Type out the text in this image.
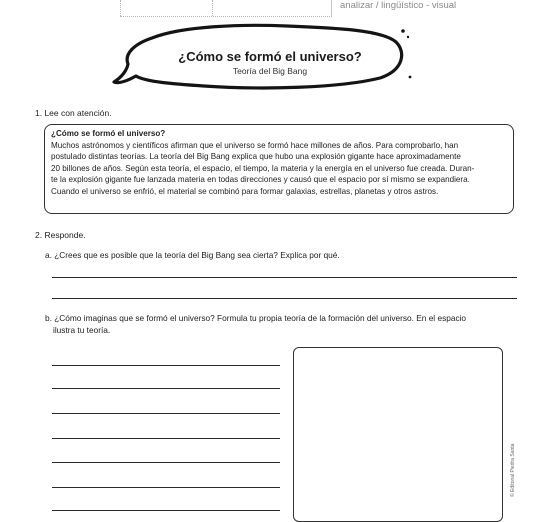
analizar / lingüístico - visual
¿Cómo se formó el universo?
Teoría del Big Bang
1. Lee con atención.
¿Cómo se formó el universo?
Muchos astrónomos y científicos afirman que el universo se formó hace millones de años. Para comprobarlo, han
postulado distintas teorías. La teoría del Big Bang explica que hubo una explosión gigante hace aproximadamente
20 billones de años. Según esta teoría, el espacio, el tiempo, la materia y la energía en el universo fue creada. Duran-
te la explosión gigante fue lanzada materia en todas direcciones y causó que el espacio por sí mismo se expandiera.
Cuando el universo se enfrió, el material se combinó para formar galaxias, estrellas, planetas y otros astros.
2. Responde.
a. ¿Crees que es posible que la teoría del Big Bang sea cierta? Explica por qué.
b. ¿Cómo imaginas que se formó el universo? Formula tu propia teoría de la formación del universo. En el espacio
ilustra tu teoría.
© Editorial Piedra Santa
